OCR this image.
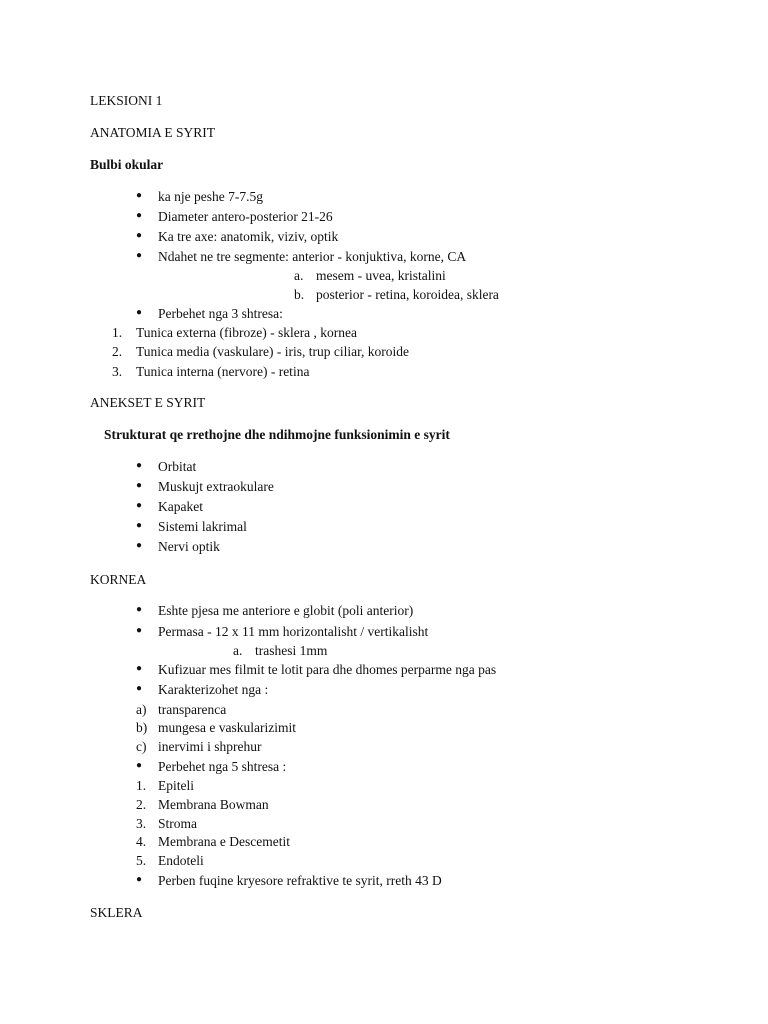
LEKSIONI 1
ANATOMIA E SYRIT
Bulbi okular
● ka nje peshe 7-7.5g
● Diameter antero-posterior 21-26
● Ka tre axe: anatomik, viziv, optik
● Ndahet ne tre segmente: anterior - konjuktiva, korne, CA
a. mesem - uvea, kristalini
b. posterior - retina, koroidea, sklera
● Perbehet nga 3 shtresa:
1. Tunica externa (fibroze) - sklera , kornea
2. Tunica media (vaskulare) - iris, trup ciliar, koroide
3. Tunica interna (nervore) - retina
ANEKSET E SYRIT
Strukturat qe rrethojne dhe ndihmojne funksionimin e syrit
● Orbitat
● Muskujt extraokulare
● Kapaket
● Sistemi lakrimal
● Nervi optik
KORNEA
● Eshte pjesa me anteriore e globit (poli anterior)
● Permasa - 12 x 11 mm horizontalisht / vertikalisht
a. trashesi 1mm
● Kufizuar mes filmit te lotit para dhe dhomes perparme nga pas
● Karakterizohet nga :
a) transparenca
b) mungesa e vaskularizimit
c) inervimi i shprehur
● Perbehet nga 5 shtresa :
1. Epiteli
2. Membrana Bowman
3. Stroma
4. Membrana e Descemetit
5. Endoteli
● Perben fuqine kryesore refraktive te syrit, rreth 43 D
SKLERA
